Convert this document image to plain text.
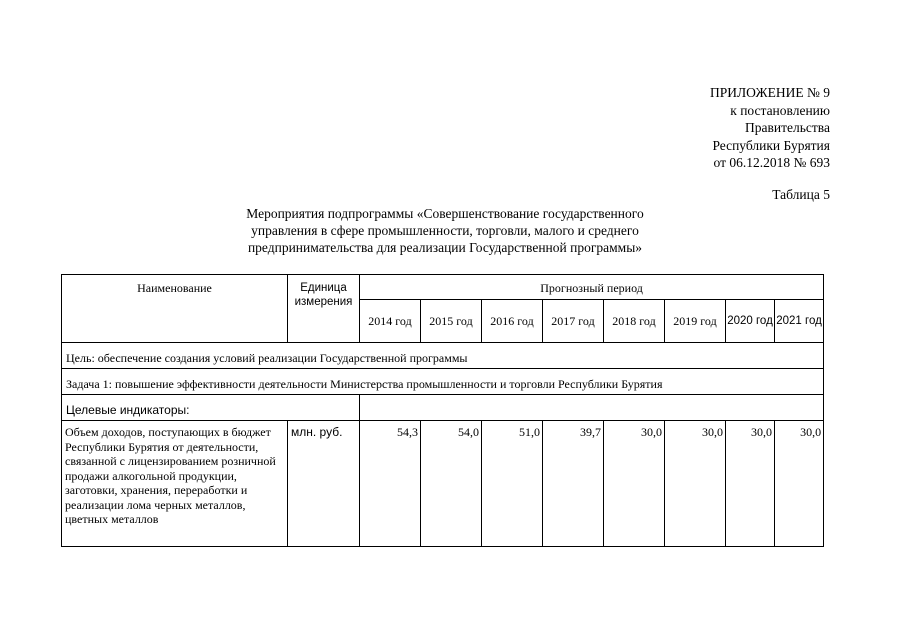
ПРИЛОЖЕНИЕ № 9
к постановлению
Правительства
Республики Бурятия
от 06.12.2018 № 693
Таблица 5
Мероприятия подпрограммы «Совершенствование государственного управления в сфере промышленности, торговли, малого и среднего предпринимательства для реализации Государственной программы»
Наименование	Единица измерения	Прогнозный период							
		2014 год	2015 год	2016 год	2017 год	2018 год	2019 год	2020 год	2021 год
Цель: обеспечение создания условий реализации Государственной программы									
Задача 1: повышение эффективности деятельности Министерства промышленности и торговли Республики Бурятия									
Целевые индикаторы:									
Объем доходов, поступающих в бюджет Республики Бурятия от деятельности, связанной с лицензированием розничной продажи алкогольной продукции, заготовки, хранения, переработки и реализации лома черных металлов, цветных металлов	млн. руб.	54,3	54,0	51,0	39,7	30,0	30,0	30,0	30,0
